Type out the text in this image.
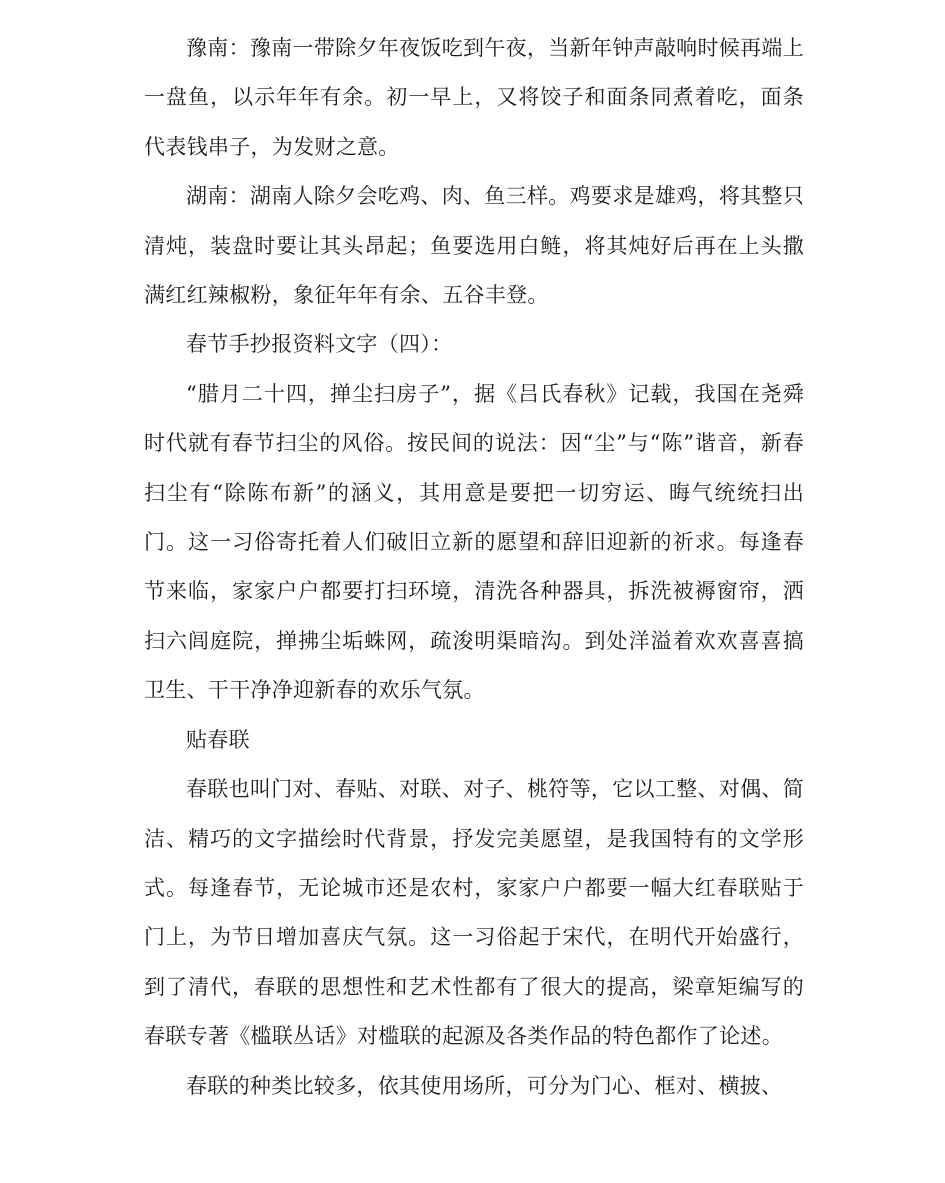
豫南：豫南一带除夕年夜饭吃到午夜，当新年钟声敲响时候再端上一盘鱼，以示年年有余。初一早上，又将饺子和面条同煮着吃，面条代表钱串子，为发财之意。

湖南：湖南人除夕会吃鸡、肉、鱼三样。鸡要求是雄鸡，将其整只清炖，装盘时要让其头昂起；鱼要选用白鲢，将其炖好后再在上头撒满红红辣椒粉，象征年年有余、五谷丰登。

春节手抄报资料文字（四）：

“腊月二十四，掸尘扫房子”，据《吕氏春秋》记载，我国在尧舜时代就有春节扫尘的风俗。按民间的说法：因“尘”与“陈”谐音，新春扫尘有“除陈布新”的涵义，其用意是要把一切穷运、晦气统统扫出门。这一习俗寄托着人们破旧立新的愿望和辞旧迎新的祈求。每逢春节来临，家家户户都要打扫环境，清洗各种器具，拆洗被褥窗帘，洒扫六闾庭院，掸拂尘垢蛛网，疏浚明渠暗沟。到处洋溢着欢欢喜喜搞卫生、干干净净迎新春的欢乐气氛。

贴春联

春联也叫门对、春贴、对联、对子、桃符等，它以工整、对偶、简洁、精巧的文字描绘时代背景，抒发完美愿望，是我国特有的文学形式。每逢春节，无论城市还是农村，家家户户都要一幅大红春联贴于门上，为节日增加喜庆气氛。这一习俗起于宋代，在明代开始盛行，到了清代，春联的思想性和艺术性都有了很大的提高，梁章矩编写的春联专著《槛联丛话》对槛联的起源及各类作品的特色都作了论述。

春联的种类比较多，依其使用场所，可分为门心、框对、横披、
